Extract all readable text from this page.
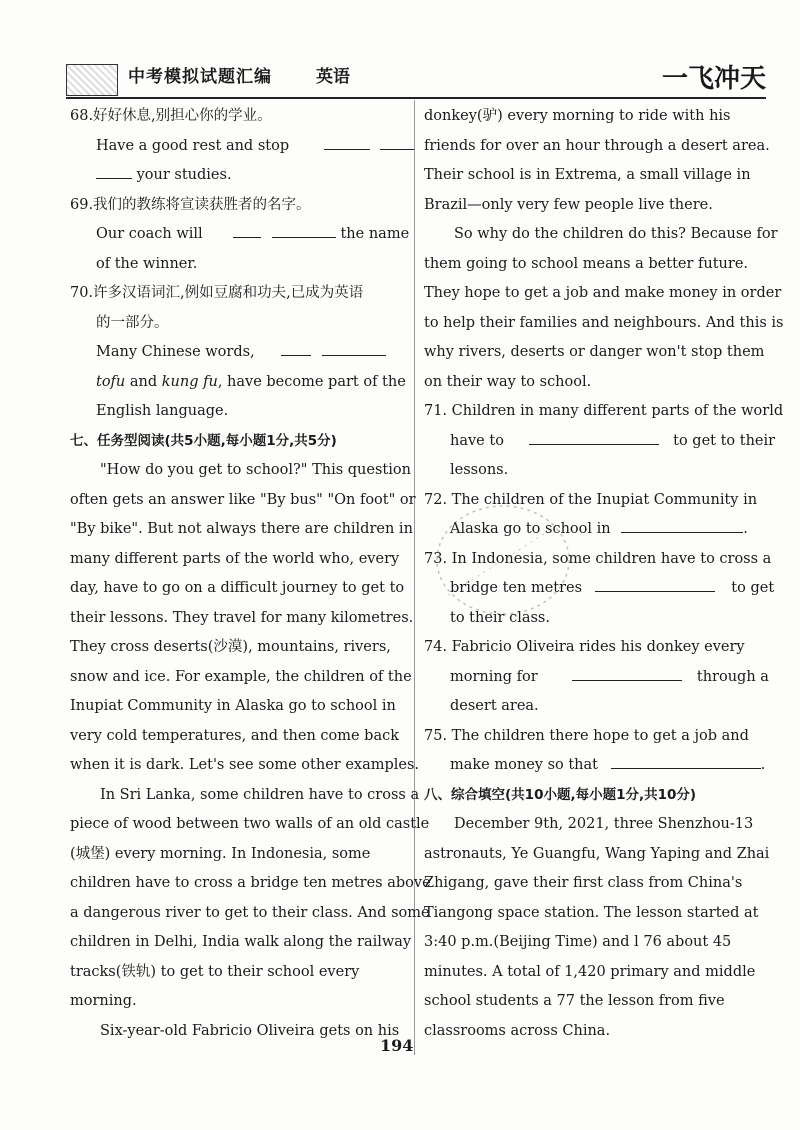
中考模拟试题汇编	英语	一飞冲天
68.好好休息,别担心你的学业。
Have a good rest and stop
your studies.
69.我们的教练将宣读获胜者的名字。
Our coach will	the name
of the winner.
70.许多汉语词汇,例如豆腐和功夫,已成为英语
的一部分。
Many Chinese words,
tofu and kung fu, have become part of the
English language.
七、任务型阅读(共5小题,每小题1分,共5分)
"How do you get to school?" This question
often gets an answer like "By bus" "On foot" or
"By bike". But not always there are children in
many different parts of the world who, every
day, have to go on a difficult journey to get to
their lessons. They travel for many kilometres.
They cross deserts(沙漠), mountains, rivers,
snow and ice. For example, the children of the
Inupiat Community in Alaska go to school in
very cold temperatures, and then come back
when it is dark. Let's see some other examples.
In Sri Lanka, some children have to cross a
piece of wood between two walls of an old castle
(城堡) every morning. In Indonesia, some
children have to cross a bridge ten metres above
a dangerous river to get to their class. And some
children in Delhi, India walk along the railway
tracks(铁轨) to get to their school every
morning.
Six-year-old Fabricio Oliveira gets on his
donkey(驴) every morning to ride with his
friends for over an hour through a desert area.
Their school is in Extrema, a small village in
Brazil—only very few people live there.
So why do the children do this? Because for
them going to school means a better future.
They hope to get a job and make money in order
to help their families and neighbours. And this is
why rivers, deserts or danger won't stop them
on their way to school.
71. Children in many different parts of the world
have to	to get to their
lessons.
72. The children of the Inupiat Community in
Alaska go to school in	.
73. In Indonesia, some children have to cross a
bridge ten metres	to get
to their class.
74. Fabricio Oliveira rides his donkey every
morning for	through a
desert area.
75. The children there hope to get a job and
make money so that	.
八、综合填空(共10小题,每小题1分,共10分)
December 9th, 2021, three Shenzhou-13
astronauts, Ye Guangfu, Wang Yaping and Zhai
Zhigang, gave their first class from China's
Tiangong space station. The lesson started at
3:40 p.m.(Beijing Time) and l 76 about 45
minutes. A total of 1,420 primary and middle
school students a 77 the lesson from five
classrooms across China.
194
